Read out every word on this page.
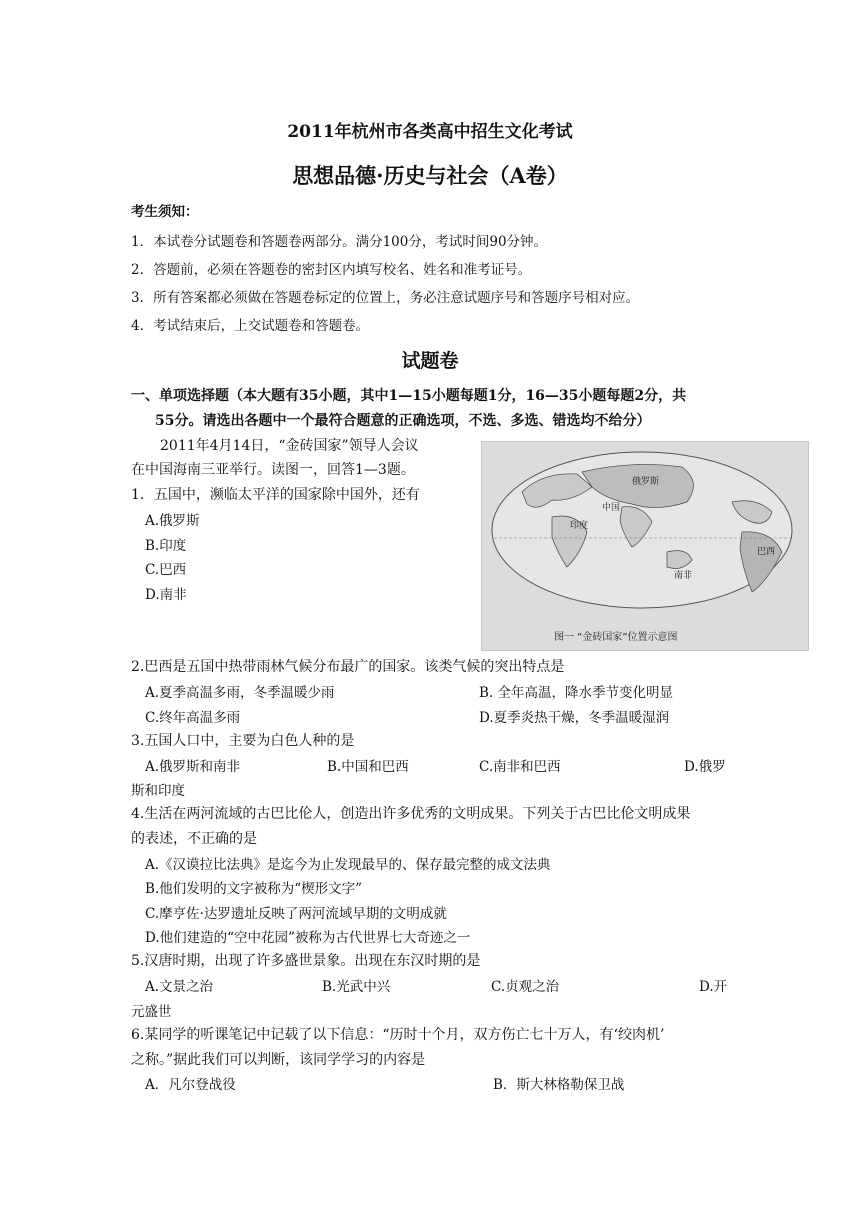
2011年杭州市各类高中招生文化考试
思想品德·历史与社会（A卷）
考生须知：
1．本试卷分试题卷和答题卷两部分。满分100分，考试时间90分钟。
2．答题前，必须在答题卷的密封区内填写校名、姓名和准考证号。
3．所有答案都必须做在答题卷标定的位置上，务必注意试题序号和答题序号相对应。
4．考试结束后，上交试题卷和答题卷。
试题卷
一、单项选择题（本大题有35小题，其中1—15小题每题1分，16—35小题每题2分，共
55分。请选出各题中一个最符合题意的正确选项，不选、多选、错选均不给分）
2011年4月14日，“金砖国家”领导人会议
在中国海南三亚举行。读图一，回答1—3题。
俄罗斯
中国
印度
巴西
南非
图一 “金砖国家”位置示意图
1．五国中，濒临太平洋的国家除中国外，还有
A.俄罗斯
B.印度
C.巴西
D.南非
2.巴西是五国中热带雨林气候分布最广的国家。该类气候的突出特点是
A.夏季高温多雨，冬季温暖少雨	B. 全年高温，降水季节变化明显
C.终年高温多雨	D.夏季炎热干燥，冬季温暖湿润
3.五国人口中，主要为白色人种的是
A.俄罗斯和南非	B.中国和巴西	C.南非和巴西	D.俄罗
斯和印度
4.生活在两河流域的古巴比伦人，创造出许多优秀的文明成果。下列关于古巴比伦文明成果
的表述，不正确的是
A.《汉谟拉比法典》是迄今为止发现最早的、保存最完整的成文法典
B.他们发明的文字被称为“楔形文字”
C.摩亨佐·达罗遗址反映了两河流域早期的文明成就
D.他们建造的“空中花园”被称为古代世界七大奇迹之一
5.汉唐时期，出现了许多盛世景象。出现在东汉时期的是
A.文景之治	B.光武中兴	C.贞观之治	D.开
元盛世
6.某同学的听课笔记中记载了以下信息：“历时十个月，双方伤亡七十万人，有‘绞肉机’
之称。”据此我们可以判断，该同学学习的内容是
A．凡尔登战役	B．斯大林格勒保卫战
